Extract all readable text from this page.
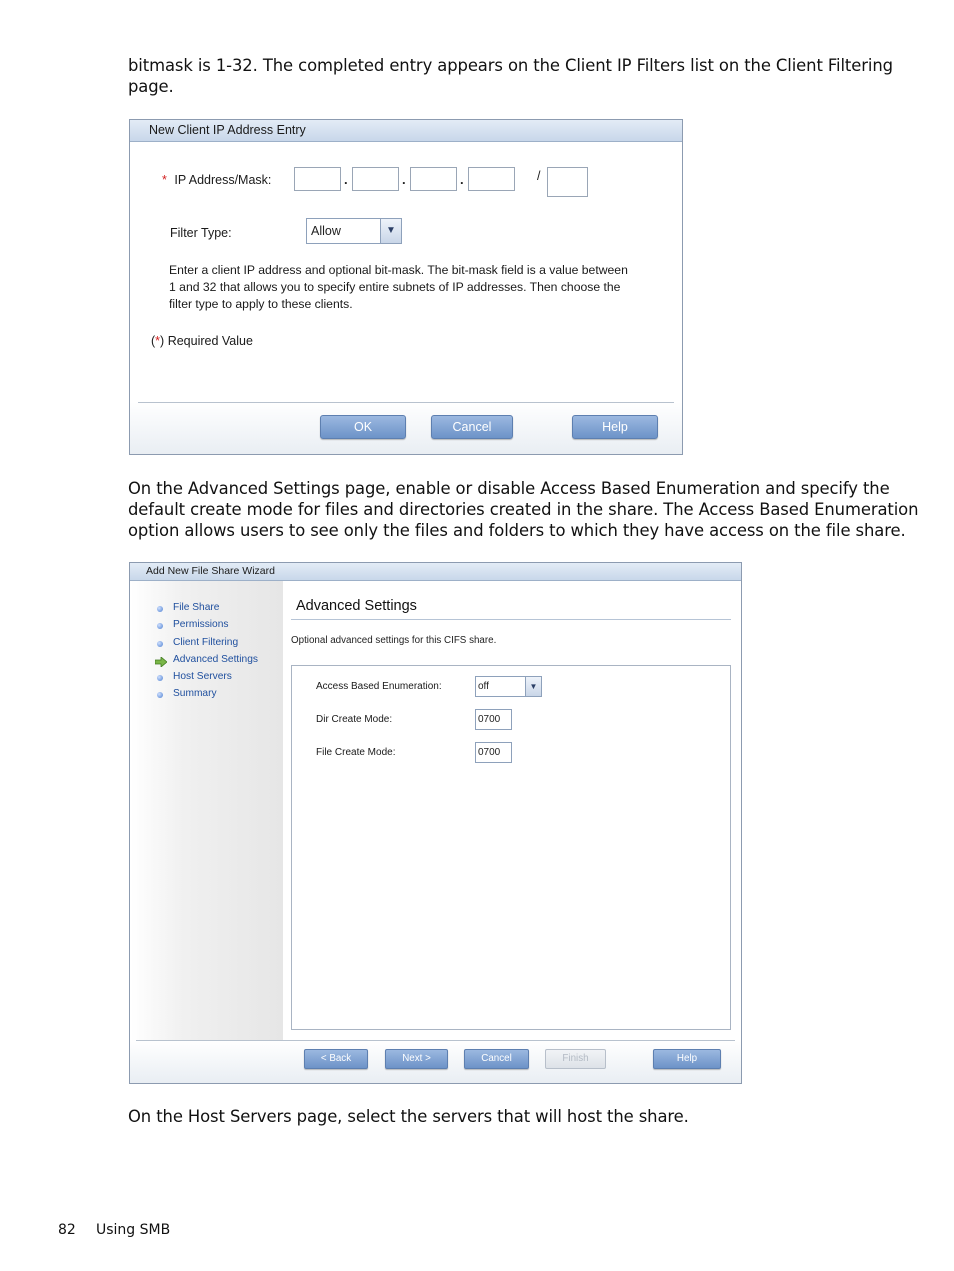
bitmask is 1-32. The completed entry appears on the Client IP Filters list on the Client Filtering
page.
New Client IP Address Entry
* IP Address/Mask:	.	.	.	/
Filter Type:	Allow	▼
Enter a client IP address and optional bit-mask. The bit-mask field is a value between
1 and 32 that allows you to specify entire subnets of IP addresses. Then choose the
filter type to apply to these clients.
(*) Required Value
OK	Cancel	Help
On the Advanced Settings page, enable or disable Access Based Enumeration and specify the
default create mode for files and directories created in the share. The Access Based Enumeration
option allows users to see only the files and folders to which they have access on the file share.
Add New File Share Wizard
File Share
Permissions
Client Filtering
Advanced Settings
Host Servers
Summary
Advanced Settings
Optional advanced settings for this CIFS share.
Access Based Enumeration:	off	▼
Dir Create Mode:	0700
File Create Mode:	0700
< Back	Next >	Cancel	Finish	Help
On the Host Servers page, select the servers that will host the share.
82 Using SMB
